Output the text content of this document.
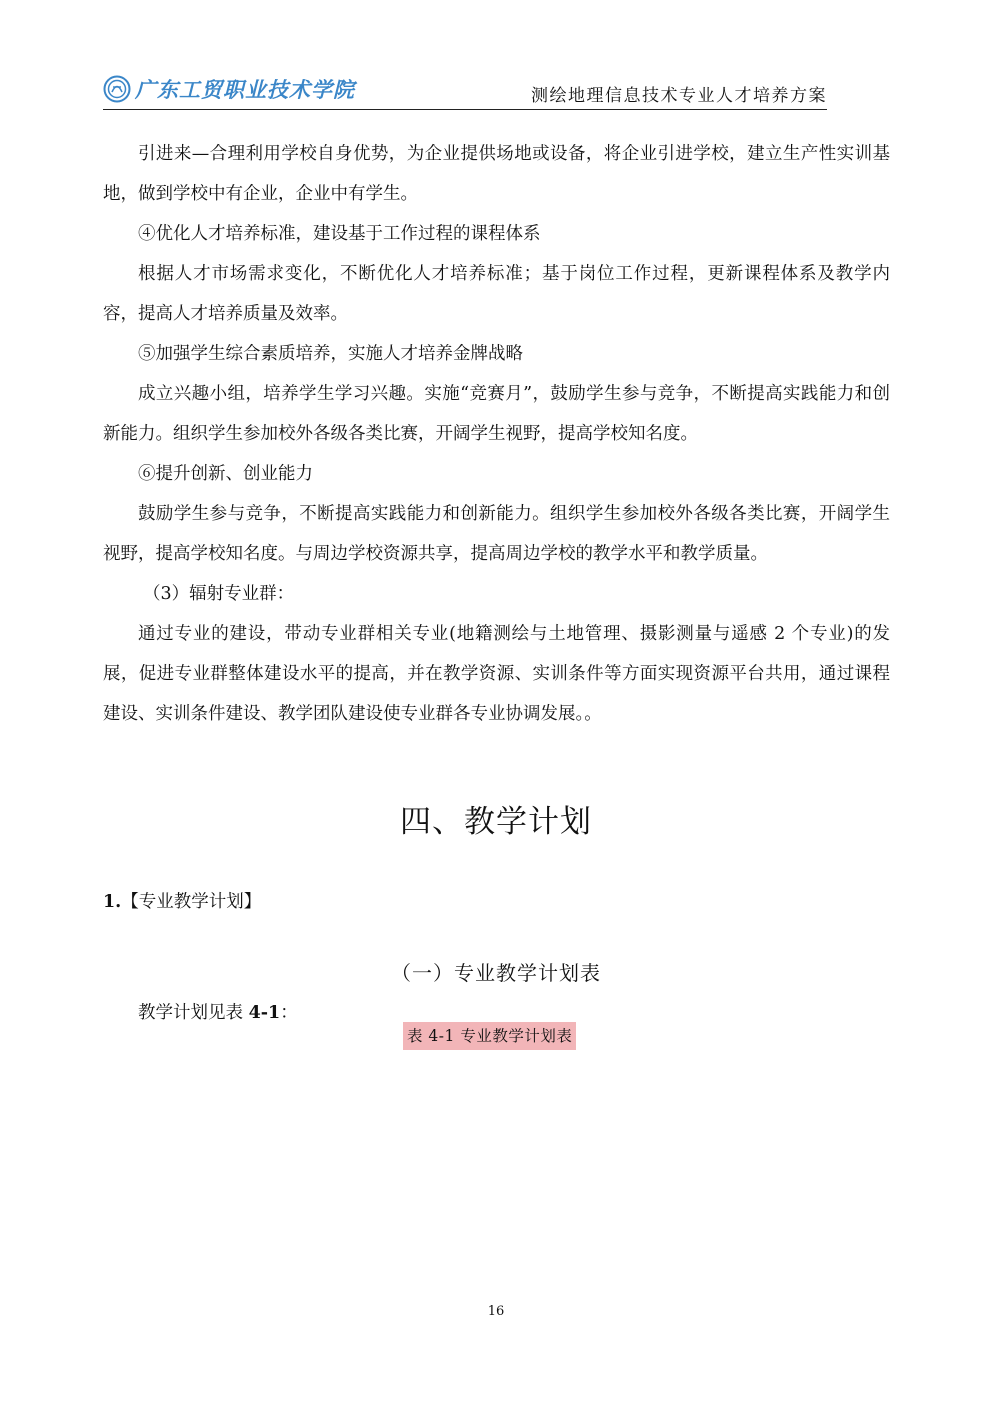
广东工贸职业技术学院	测绘地理信息技术专业人才培养方案

引进来—合理利用学校自身优势，为企业提供场地或设备，将企业引进学校，建立生产性实训基地，做到学校中有企业，企业中有学生。

④优化人才培养标准，建设基于工作过程的课程体系

根据人才市场需求变化，不断优化人才培养标准；基于岗位工作过程，更新课程体系及教学内容，提高人才培养质量及效率。

⑤加强学生综合素质培养，实施人才培养金牌战略

成立兴趣小组，培养学生学习兴趣。实施“竞赛月”，鼓励学生参与竞争，不断提高实践能力和创新能力。组织学生参加校外各级各类比赛，开阔学生视野，提高学校知名度。

⑥提升创新、创业能力

鼓励学生参与竞争，不断提高实践能力和创新能力。组织学生参加校外各级各类比赛，开阔学生视野，提高学校知名度。与周边学校资源共享，提高周边学校的教学水平和教学质量。

（3）辐射专业群：

通过专业的建设，带动专业群相关专业(地籍测绘与土地管理、摄影测量与遥感 2 个专业)的发展，促进专业群整体建设水平的提高，并在教学资源、实训条件等方面实现资源平台共用，通过课程建设、实训条件建设、教学团队建设使专业群各专业协调发展。。

四、教学计划
1.【专业教学计划】
（一）专业教学计划表
教学计划见表 4-1：
表 4-1 专业教学计划表
16
